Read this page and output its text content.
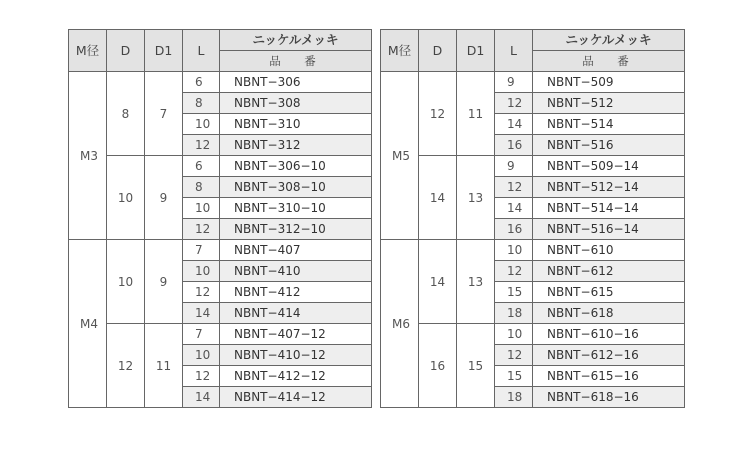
M径	D	D1	L	ニッケルメッキ
				品　番
M3	8	7	6	NBNT−306
			8	NBNT−308
			10	NBNT−310
			12	NBNT−312
	10	9	6	NBNT−306−10
			8	NBNT−308−10
			10	NBNT−310−10
			12	NBNT−312−10
M4	10	9	7	NBNT−407
			10	NBNT−410
			12	NBNT−412
			14	NBNT−414
	12	11	7	NBNT−407−12
			10	NBNT−410−12
			12	NBNT−412−12
			14	NBNT−414−12
M径	D	D1	L	ニッケルメッキ
				品　番
M5	12	11	9	NBNT−509
			12	NBNT−512
			14	NBNT−514
			16	NBNT−516
	14	13	9	NBNT−509−14
			12	NBNT−512−14
			14	NBNT−514−14
			16	NBNT−516−14
M6	14	13	10	NBNT−610
			12	NBNT−612
			15	NBNT−615
			18	NBNT−618
	16	15	10	NBNT−610−16
			12	NBNT−612−16
			15	NBNT−615−16
			18	NBNT−618−16
